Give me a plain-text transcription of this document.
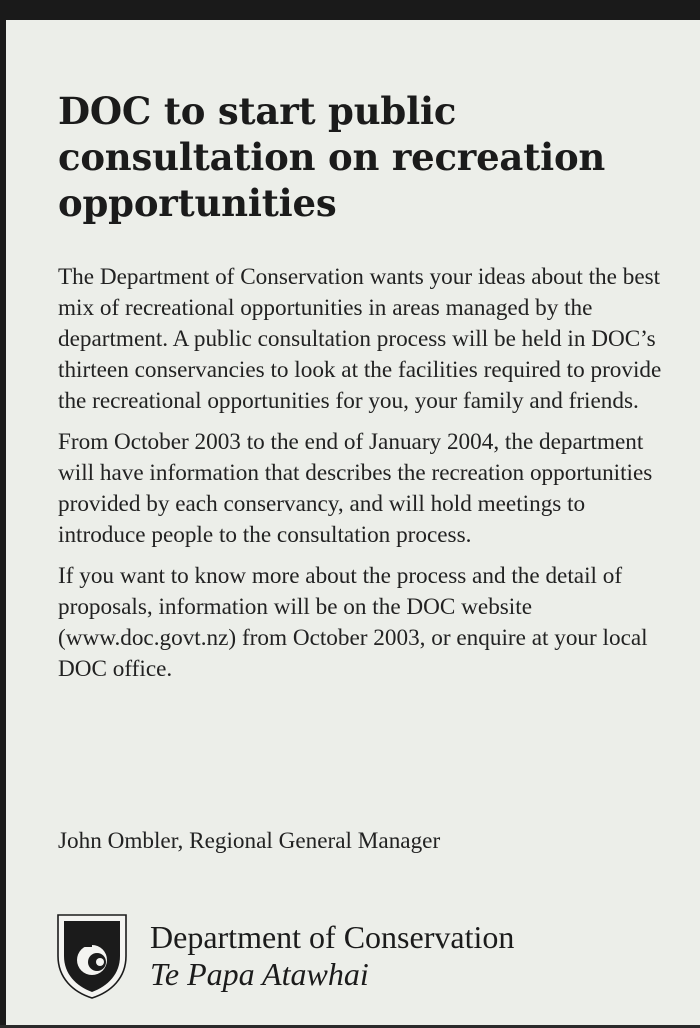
DOC to start public consultation on recreation opportunities

The Department of Conservation wants your ideas about the best mix of recreational opportunities in areas managed by the department. A public consultation process will be held in DOC’s thirteen conservancies to look at the facilities required to provide the recreational opportunities for you, your family and friends.

From October 2003 to the end of January 2004, the department will have information that describes the recreation opportunities provided by each conservancy, and will hold meetings to introduce people to the consultation process.

If you want to know more about the process and the detail of proposals, information will be on the DOC website (www.doc.govt.nz) from October 2003, or enquire at your local DOC office.

John Ombler, Regional General Manager

Department of Conservation
Te Papa Atawhai
